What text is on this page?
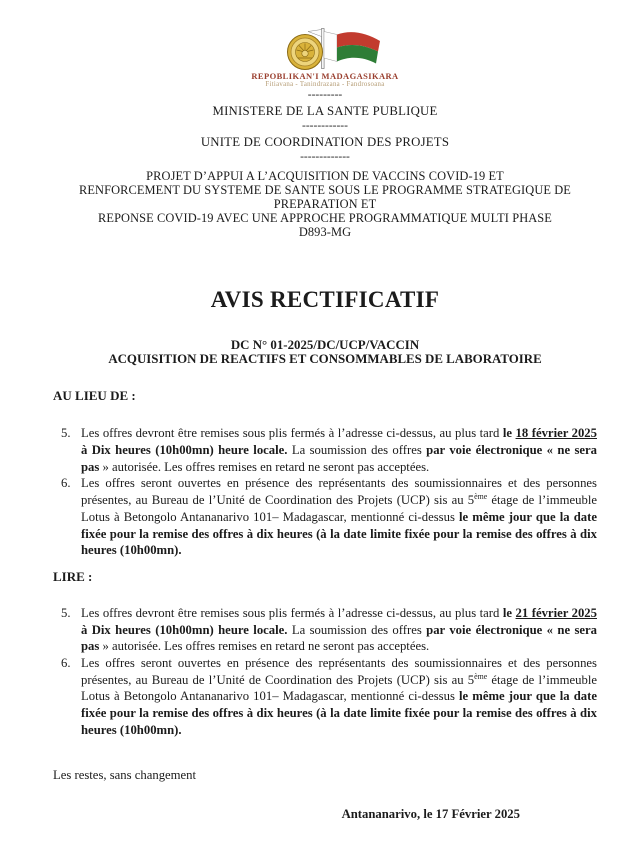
REPOBLIKAN'I MADAGASIKARA
Fitiavana - Tanindrazana - Fandrosoana
---------
MINISTERE DE LA SANTE PUBLIQUE
------------
UNITE DE COORDINATION DES PROJETS
-------------
PROJET D’APPUI A L’ACQUISITION DE VACCINS COVID-19 ET
RENFORCEMENT DU SYSTEME DE SANTE SOUS LE PROGRAMME STRATEGIQUE DE
PREPARATION ET
REPONSE COVID-19 AVEC UNE APPROCHE PROGRAMMATIQUE MULTI PHASE
D893-MG
AVIS RECTIFICATIF
DC N° 01-2025/DC/UCP/VACCIN
ACQUISITION DE REACTIFS ET CONSOMMABLES DE LABORATOIRE
AU LIEU DE :
5. Les offres devront être remises sous plis fermés à l’adresse ci-dessus, au plus tard le 18 février 2025 à Dix heures (10h00mn) heure locale. La soumission des offres par voie électronique « ne sera pas » autorisée. Les offres remises en retard ne seront pas acceptées.
6. Les offres seront ouvertes en présence des représentants des soumissionnaires et des personnes présentes, au Bureau de l’Unité de Coordination des Projets (UCP) sis au 5ème étage de l’immeuble Lotus à Betongolo Antananarivo 101– Madagascar, mentionné ci-dessus le même jour que la date fixée pour la remise des offres à dix heures (à la date limite fixée pour la remise des offres à dix heures (10h00mn).
LIRE :
5. Les offres devront être remises sous plis fermés à l’adresse ci-dessus, au plus tard le 21 février 2025 à Dix heures (10h00mn) heure locale. La soumission des offres par voie électronique « ne sera pas » autorisée. Les offres remises en retard ne seront pas acceptées.
6. Les offres seront ouvertes en présence des représentants des soumissionnaires et des personnes présentes, au Bureau de l’Unité de Coordination des Projets (UCP) sis au 5ème étage de l’immeuble Lotus à Betongolo Antananarivo 101– Madagascar, mentionné ci-dessus le même jour que la date fixée pour la remise des offres à dix heures (à la date limite fixée pour la remise des offres à dix heures (10h00mn).
Les restes, sans changement
Antananarivo, le 17 Février 2025
